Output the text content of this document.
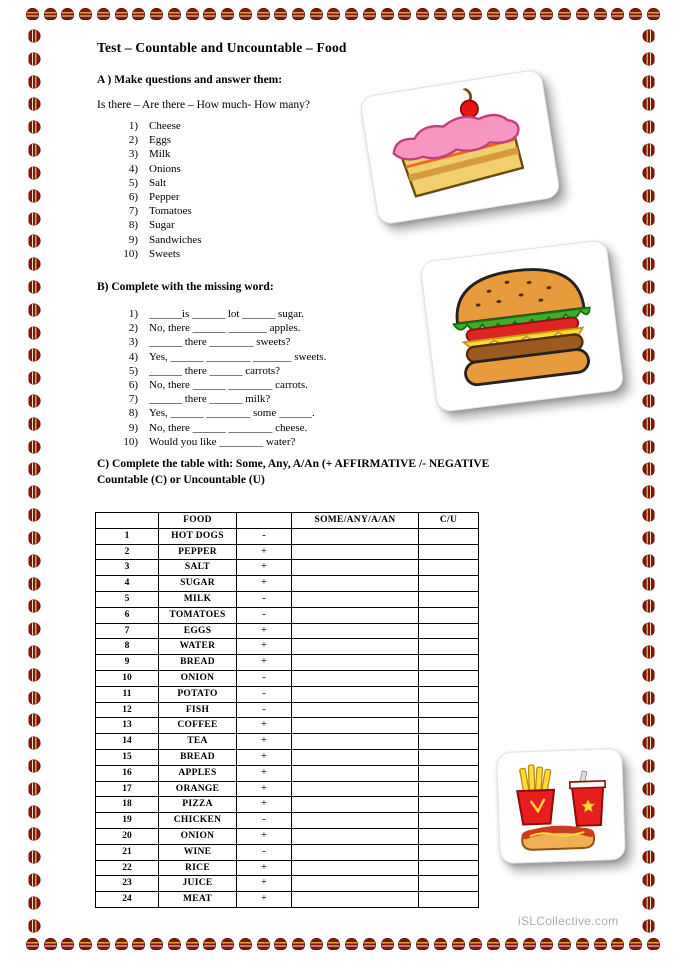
Test – Countable and Uncountable – Food
A ) Make questions and answer them:
Is there – Are there – How much- How many?
1) Cheese
2) Eggs
3) Milk
4) Onions
5) Salt
6) Pepper
7) Tomatoes
8) Sugar
9) Sandwiches
10) Sweets
B) Complete with the missing word:
1) ______is ______ lot ______ sugar.
2) No, there ______ _______ apples.
3) ______ there ________ sweets?
4) Yes, ______ ________ _______ sweets.
5) ______ there ______ carrots?
6) No, there ______ ________ carrots.
7) ______ there ______ milk?
8) Yes, ______ ________ some ______.
9) No, there ______ ________ cheese.
10) Would you like ________ water?
C) Complete the table with: Some, Any, A/An (+ AFFIRMATIVE /- NEGATIVE
Countable (C) or Uncountable (U)
	FOOD		SOME/ANY/A/AN	C/U
1	HOT DOGS	-		
2	PEPPER	+		
3	SALT	+		
4	SUGAR	+		
5	MILK	-		
6	TOMATOES	-		
7	EGGS	+		
8	WATER	+		
9	BREAD	+		
10	ONION	-		
11	POTATO	-		
12	FISH	-		
13	COFFEE	+		
14	TEA	+		
15	BREAD	+		
16	APPLES	+		
17	ORANGE	+		
18	PIZZA	+		
19	CHICKEN	-		
20	ONION	+		
21	WINE	-		
22	RICE	+		
23	JUICE	+		
24	MEAT	+		
iSLCollective.com
